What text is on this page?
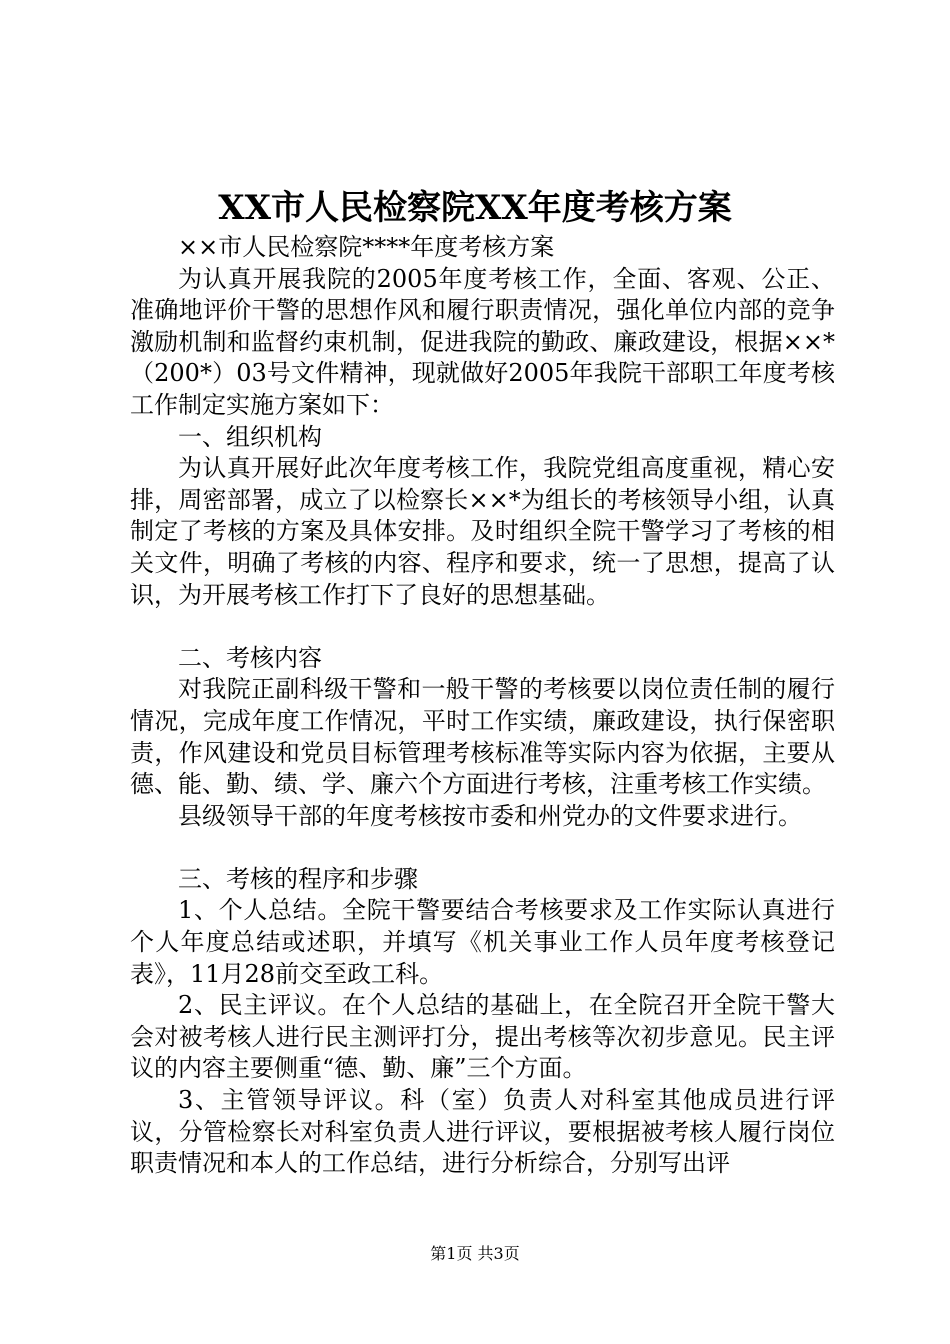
XX市人民检察院XX年度考核方案

××市人民检察院****年度考核方案

为认真开展我院的2005年度考核工作，全面、客观、公正、准确地评价干警的思想作风和履行职责情况，强化单位内部的竞争激励机制和监督约束机制，促进我院的勤政、廉政建设，根据××*（200*）03号文件精神，现就做好2005年我院干部职工年度考核工作制定实施方案如下：

一、组织机构

为认真开展好此次年度考核工作，我院党组高度重视，精心安排，周密部署，成立了以检察长××*为组长的考核领导小组，认真制定了考核的方案及具体安排。及时组织全院干警学习了考核的相关文件，明确了考核的内容、程序和要求，统一了思想，提高了认识，为开展考核工作打下了良好的思想基础。

二、考核内容

对我院正副科级干警和一般干警的考核要以岗位责任制的履行情况，完成年度工作情况，平时工作实绩，廉政建设，执行保密职责，作风建设和党员目标管理考核标准等实际内容为依据，主要从德、能、勤、绩、学、廉六个方面进行考核，注重考核工作实绩。

县级领导干部的年度考核按市委和州党办的文件要求进行。

三、考核的程序和步骤

1、个人总结。全院干警要结合考核要求及工作实际认真进行个人年度总结或述职，并填写《机关事业工作人员年度考核登记表》，11月28前交至政工科。

2、民主评议。在个人总结的基础上，在全院召开全院干警大会对被考核人进行民主测评打分，提出考核等次初步意见。民主评议的内容主要侧重“德、勤、廉”三个方面。

3、主管领导评议。科（室）负责人对科室其他成员进行评议，分管检察长对科室负责人进行评议，要根据被考核人履行岗位职责情况和本人的工作总结，进行分析综合，分别写出评

第1页 共3页
